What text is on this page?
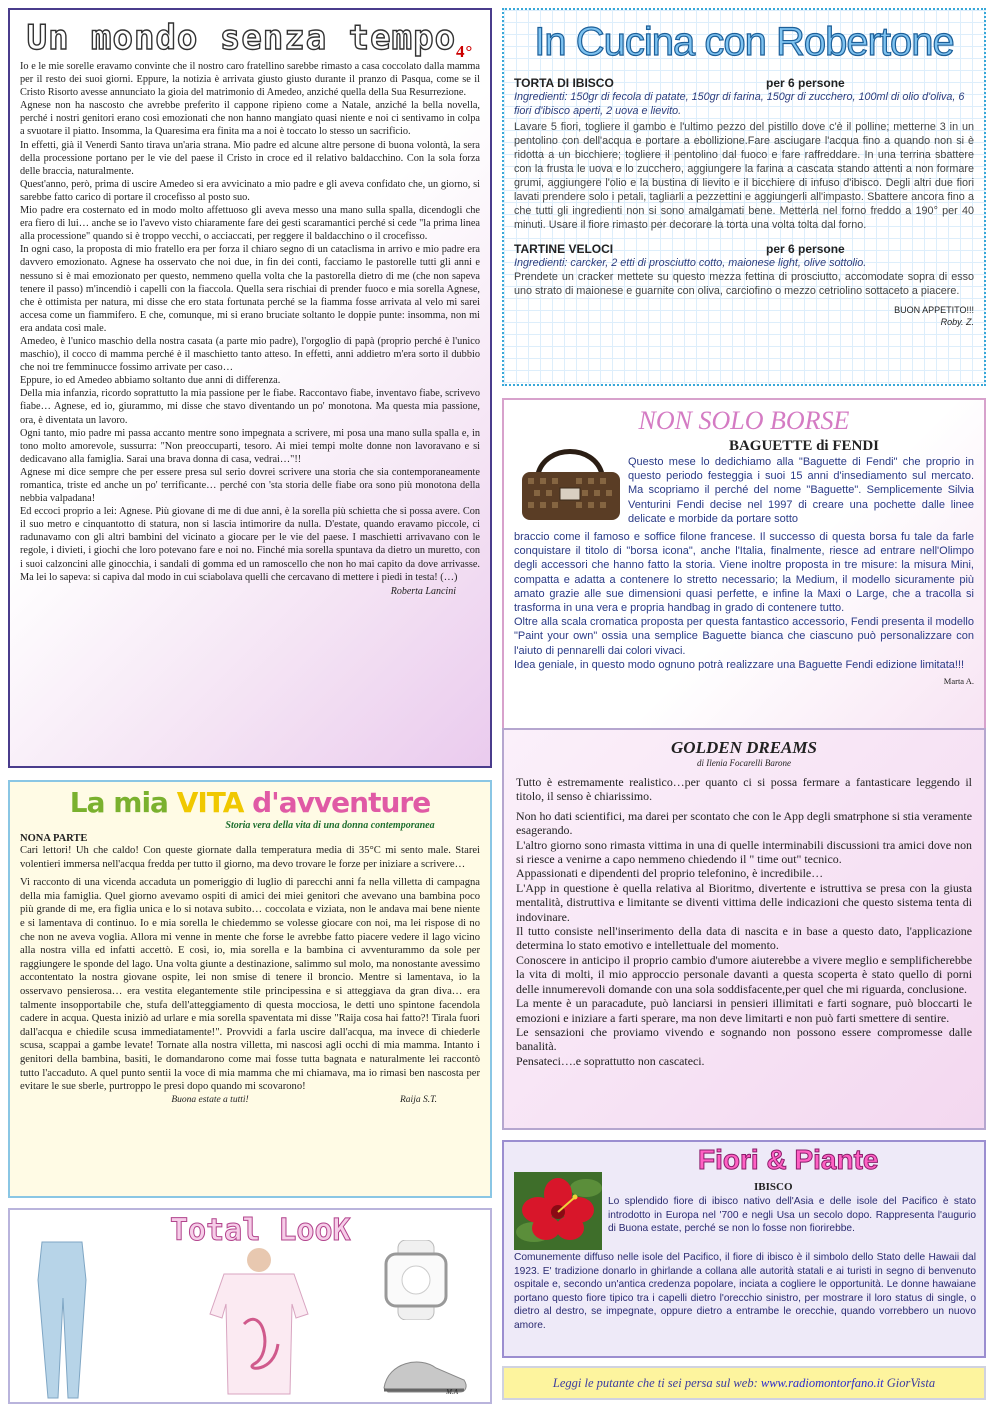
Un mondo senza tempo$_{4^\circ}$

Io e le mie sorelle eravamo convinte che il nostro caro fratellino sarebbe rimasto a casa coccolato dalla mamma per il resto dei suoi giorni. Eppure, la notizia è arrivata giusto giusto durante il pranzo di Pasqua, come se il Cristo Risorto avesse annunciato la gioia del matrimonio di Amedeo, anziché quella della Sua Resurrezione.

Agnese non ha nascosto che avrebbe preferito il cappone ripieno come a Natale, anziché la bella novella, perché i nostri genitori erano così emozionati che non hanno mangiato quasi niente e noi ci sentivamo in colpa a svuotare il piatto. Insomma, la Quaresima era finita ma a noi è toccato lo stesso un sacrificio.

In effetti, già il Venerdì Santo tirava un'aria strana. Mio padre ed alcune altre persone di buona volontà, la sera della processione portano per le vie del paese il Cristo in croce ed il relativo baldacchino. Con la sola forza delle braccia, naturalmente.

Quest'anno, però, prima di uscire Amedeo si era avvicinato a mio padre e gli aveva confidato che, un giorno, si sarebbe fatto carico di portare il crocefisso al posto suo.

Mio padre era costernato ed in modo molto affettuoso gli aveva messo una mano sulla spalla, dicendogli che era fiero di lui… anche se io l'avevo visto chiaramente fare dei gesti scaramantici perché si cede "la prima linea alla processione" quando si è troppo vecchi, o acciaccati, per reggere il baldacchino o il crocefisso.

In ogni caso, la proposta di mio fratello era per forza il chiaro segno di un cataclisma in arrivo e mio padre era davvero emozionato. Agnese ha osservato che noi due, in fin dei conti, facciamo le pastorelle tutti gli anni e nessuno si è mai emozionato per questo, nemmeno quella volta che la pastorella dietro di me (che non sapeva tenere il passo) m'incendiò i capelli con la fiaccola. Quella sera rischiai di prender fuoco e mia sorella Agnese, che è ottimista per natura, mi disse che ero stata fortunata perché se la fiamma fosse arrivata al velo mi sarei accesa come un fiammifero. E che, comunque, mi si erano bruciate soltanto le doppie punte: insomma, non mi era andata così male.

Amedeo, è l'unico maschio della nostra casata (a parte mio padre), l'orgoglio di papà (proprio perché è l'unico maschio), il cocco di mamma perché è il maschietto tanto atteso. In effetti, anni addietro m'era sorto il dubbio che noi tre femminucce fossimo arrivate per caso…

Eppure, io ed Amedeo abbiamo soltanto due anni di differenza.

Della mia infanzia, ricordo soprattutto la mia passione per le fiabe. Raccontavo fiabe, inventavo fiabe, scrivevo fiabe… Agnese, ed io, giurammo, mi disse che stavo diventando un po' monotona. Ma questa mia passione, ora, è diventata un lavoro.

Ogni tanto, mio padre mi passa accanto mentre sono impegnata a scrivere, mi posa una mano sulla spalla e, in tono molto amorevole, sussurra: "Non preoccuparti, tesoro. Ai miei tempi molte donne non lavoravano e si dedicavano alla famiglia. Sarai una brava donna di casa, vedrai…"!!

Agnese mi dice sempre che per essere presa sul serio dovrei scrivere una storia che sia contemporaneamente romantica, triste ed anche un po' terrificante… perché con 'sta storia delle fiabe ora sono più monotona della nebbia valpadana!

Ed eccoci proprio a lei: Agnese. Più giovane di me di due anni, è la sorella più schietta che si possa avere. Con il suo metro e cinquantotto di statura, non si lascia intimorire da nulla. D'estate, quando eravamo piccole, ci radunavamo con gli altri bambini del vicinato a giocare per le vie del paese. I maschietti arrivavano con le regole, i divieti, i giochi che loro potevano fare e noi no. Finché mia sorella spuntava da dietro un muretto, con i suoi calzoncini alle ginocchia, i sandali di gomma ed un ramoscello che non ho mai capito da dove arrivasse. Ma lei lo sapeva: si capiva dal modo in cui sciabolava quelli che cercavano di mettere i piedi in testa! (…)

Roberta Lancini
In Cucina con Robertone
TORTA DI IBISCO	per 6 persone
Ingredienti: 150gr di fecola di patate, 150gr di farina, 150gr di zucchero, 100ml di olio d'oliva, 6 fiori d'ibisco aperti, 2 uova e lievito.
Lavare 5 fiori, togliere il gambo e l'ultimo pezzo del pistillo dove c'è il polline; metterne 3 in un pentolino con dell'acqua e portare a ebollizione.Fare asciugare l'acqua fino a quando non si è ridotta a un bicchiere; togliere il pentolino dal fuoco e fare raffreddare. In una terrina sbattere con la frusta le uova e lo zucchero, aggiungere la farina a cascata stando attenti a non formare grumi, aggiungere l'olio e la bustina di lievito e il bicchiere di infuso d'ibisco. Degli altri due fiori lavati prendere solo i petali, tagliarli a pezzettini e aggiungerli all'impasto. Sbattere ancora fino a che tutti gli ingredienti non si sono amalgamati bene. Metterla nel forno freddo a 190° per 40 minuti. Usare il fiore rimasto per decorare la torta una volta tolta dal forno.
TARTINE VELOCI	per 6 persone
Ingredienti: carcker, 2 etti di prosciutto cotto, maionese light, olive sottolio.
Prendete un cracker mettete su questo mezza fettina di prosciutto, accomodate sopra di esso uno strato di maionese e guarnite con oliva, carciofino o mezzo cetriolino sottaceto a piacere.
BUON APPETITO!!!
Roby. Z.
NON SOLO BORSE
BAGUETTE di FENDI
Questo mese lo dedichiamo alla "Baguette di Fendi" che proprio in questo periodo festeggia i suoi 15 anni d'insediamento sul mercato. Ma scopriamo il perché del nome "Baguette". Semplicemente Silvia Venturini Fendi decise nel 1997 di creare una pochette dalle linee delicate e morbide da portare sotto

braccio come il famoso e soffice filone francese. Il successo di questa borsa fu tale da farle conquistare il titolo di "borsa icona", anche l'Italia, finalmente, riesce ad entrare nell'Olimpo degli accessori che hanno fatto la storia. Viene inoltre proposta in tre misure: la misura Mini, compatta e adatta a contenere lo stretto necessario; la Medium, il modello sicuramente più amato grazie alle sue dimensioni quasi perfette, e infine la Maxi o Large, che a tracolla si trasforma in una vera e propria handbag in grado di contenere tutto.

Oltre alla scala cromatica proposta per questa fantastico accessorio, Fendi presenta il modello "Paint your own" ossia una semplice Baguette bianca che ciascuno può personalizzare con l'aiuto di pennarelli dai colori vivaci.

Idea geniale, in questo modo ognuno potrà realizzare una Baguette Fendi edizione limitata!!!

Marta A.
La mia VITA d'avventure
Storia vera della vita di una donna contemporanea
NONA PARTE

Cari lettori! Uh che caldo! Con queste giornate dalla temperatura media di 35°C mi sento male. Starei volentieri immersa nell'acqua fredda per tutto il giorno, ma devo trovare le forze per iniziare a scrivere…

Vi racconto di una vicenda accaduta un pomeriggio di luglio di parecchi anni fa nella villetta di campagna della mia famiglia. Quel giorno avevamo ospiti di amici dei miei genitori che avevano una bambina poco più grande di me, era figlia unica e lo si notava subito… coccolata e viziata, non le andava mai bene niente e si lamentava di continuo. Io e mia sorella le chiedemmo se volesse giocare con noi, ma lei rispose di no che non ne aveva voglia. Allora mi venne in mente che forse le avrebbe fatto piacere vedere il lago vicino alla nostra villa ed infatti accettò. E così, io, mia sorella e la bambina ci avventurammo da sole per raggiungere le sponde del lago. Una volta giunte a destinazione, salimmo sul molo, ma nonostante avessimo accontentato la nostra giovane ospite, lei non smise di tenere il broncio. Mentre si lamentava, io la osservavo pensierosa… era vestita elegantemente stile principessina e si atteggiava da gran diva… era talmente insopportabile che, stufa dell'atteggiamento di questa mocciosa, le detti uno spintone facendola cadere in acqua. Questa iniziò ad urlare e mia sorella spaventata mi disse "Raija cosa hai fatto?! Tirala fuori dall'acqua e chiedile scusa immediatamente!". Provvidi a farla uscire dall'acqua, ma invece di chiederle scusa, scappai a gambe levate! Tornate alla nostra villetta, mi nascosi agli occhi di mia mamma. Intanto i genitori della bambina, basiti, le domandarono come mai fosse tutta bagnata e naturalmente lei raccontò tutto l'accaduto. A quel punto sentii la voce di mia mamma che mi chiamava, ma io rimasi ben nascosta per evitare le sue sberle, purtroppo le presi dopo quando mi scovarono!

Buona estate a tutti!	Raija S.T.
Total LooK
M.A
GOLDEN DREAMS
di Ilenia Focarelli Barone

Tutto è estremamente realistico…per quanto ci si possa fermare a fantasticare leggendo il titolo, il senso è chiarissimo.

Non ho dati scientifici, ma darei per scontato che con le App degli smatrphone si stia veramente esagerando.

L'altro giorno sono rimasta vittima in una di quelle interminabili discussioni tra amici dove non si riesce a venirne a capo nemmeno chiedendo il " time out" tecnico.

Appassionati e dipendenti del proprio telefonino, è incredibile…

L'App in questione è quella relativa al Bioritmo, divertente e istruttiva se presa con la giusta mentalità, distruttiva e limitante se diventi vittima delle indicazioni che questo sistema tenta di indovinare.

Il tutto consiste nell'inserimento della data di nascita e in base a questo dato, l'applicazione determina lo stato emotivo e intellettuale del momento.

Conoscere in anticipo il proprio cambio d'umore aiuterebbe a vivere meglio e semplificherebbe la vita di molti, il mio approccio personale davanti a questa scoperta è stato quello di porni delle innumerevoli domande con una sola soddisfacente,per quel che mi riguarda, conclusione.

La mente è un paracadute, può lanciarsi in pensieri illimitati e farti sognare, può bloccarti le emozioni e iniziare a farti sperare, ma non deve limitarti e non può farti smettere di sentire.

Le sensazioni che proviamo vivendo e sognando non possono essere compromesse dalle banalità.

Pensateci….e soprattutto non cascateci.

Fiori & Piante
IBISCO
Lo splendido fiore di ibisco nativo dell'Asia e delle isole del Pacifico è stato introdotto in Europa nel '700 e negli Usa un secolo dopo. Rappresenta l'augurio di Buona estate, perché se non lo fosse non fiorirebbe.
Comunemente diffuso nelle isole del Pacifico, il fiore di ibisco è il simbolo dello Stato delle Hawaii dal 1923. E' tradizione donarlo in ghirlande a collana alle autorità statali e ai turisti in segno di benvenuto ospitale e, secondo un'antica credenza popolare, inciata a cogliere le opportunità. Le donne hawaiane portano questo fiore tipico tra i capelli dietro l'orecchio sinistro, per mostrare il loro status di single, o dietro al destro, se impegnate, oppure dietro a entrambe le orecchie, quando vorrebbero un nuovo amore.
Leggi le putante che ti sei persa sul web: www.radiomontorfano.it GiorVista
